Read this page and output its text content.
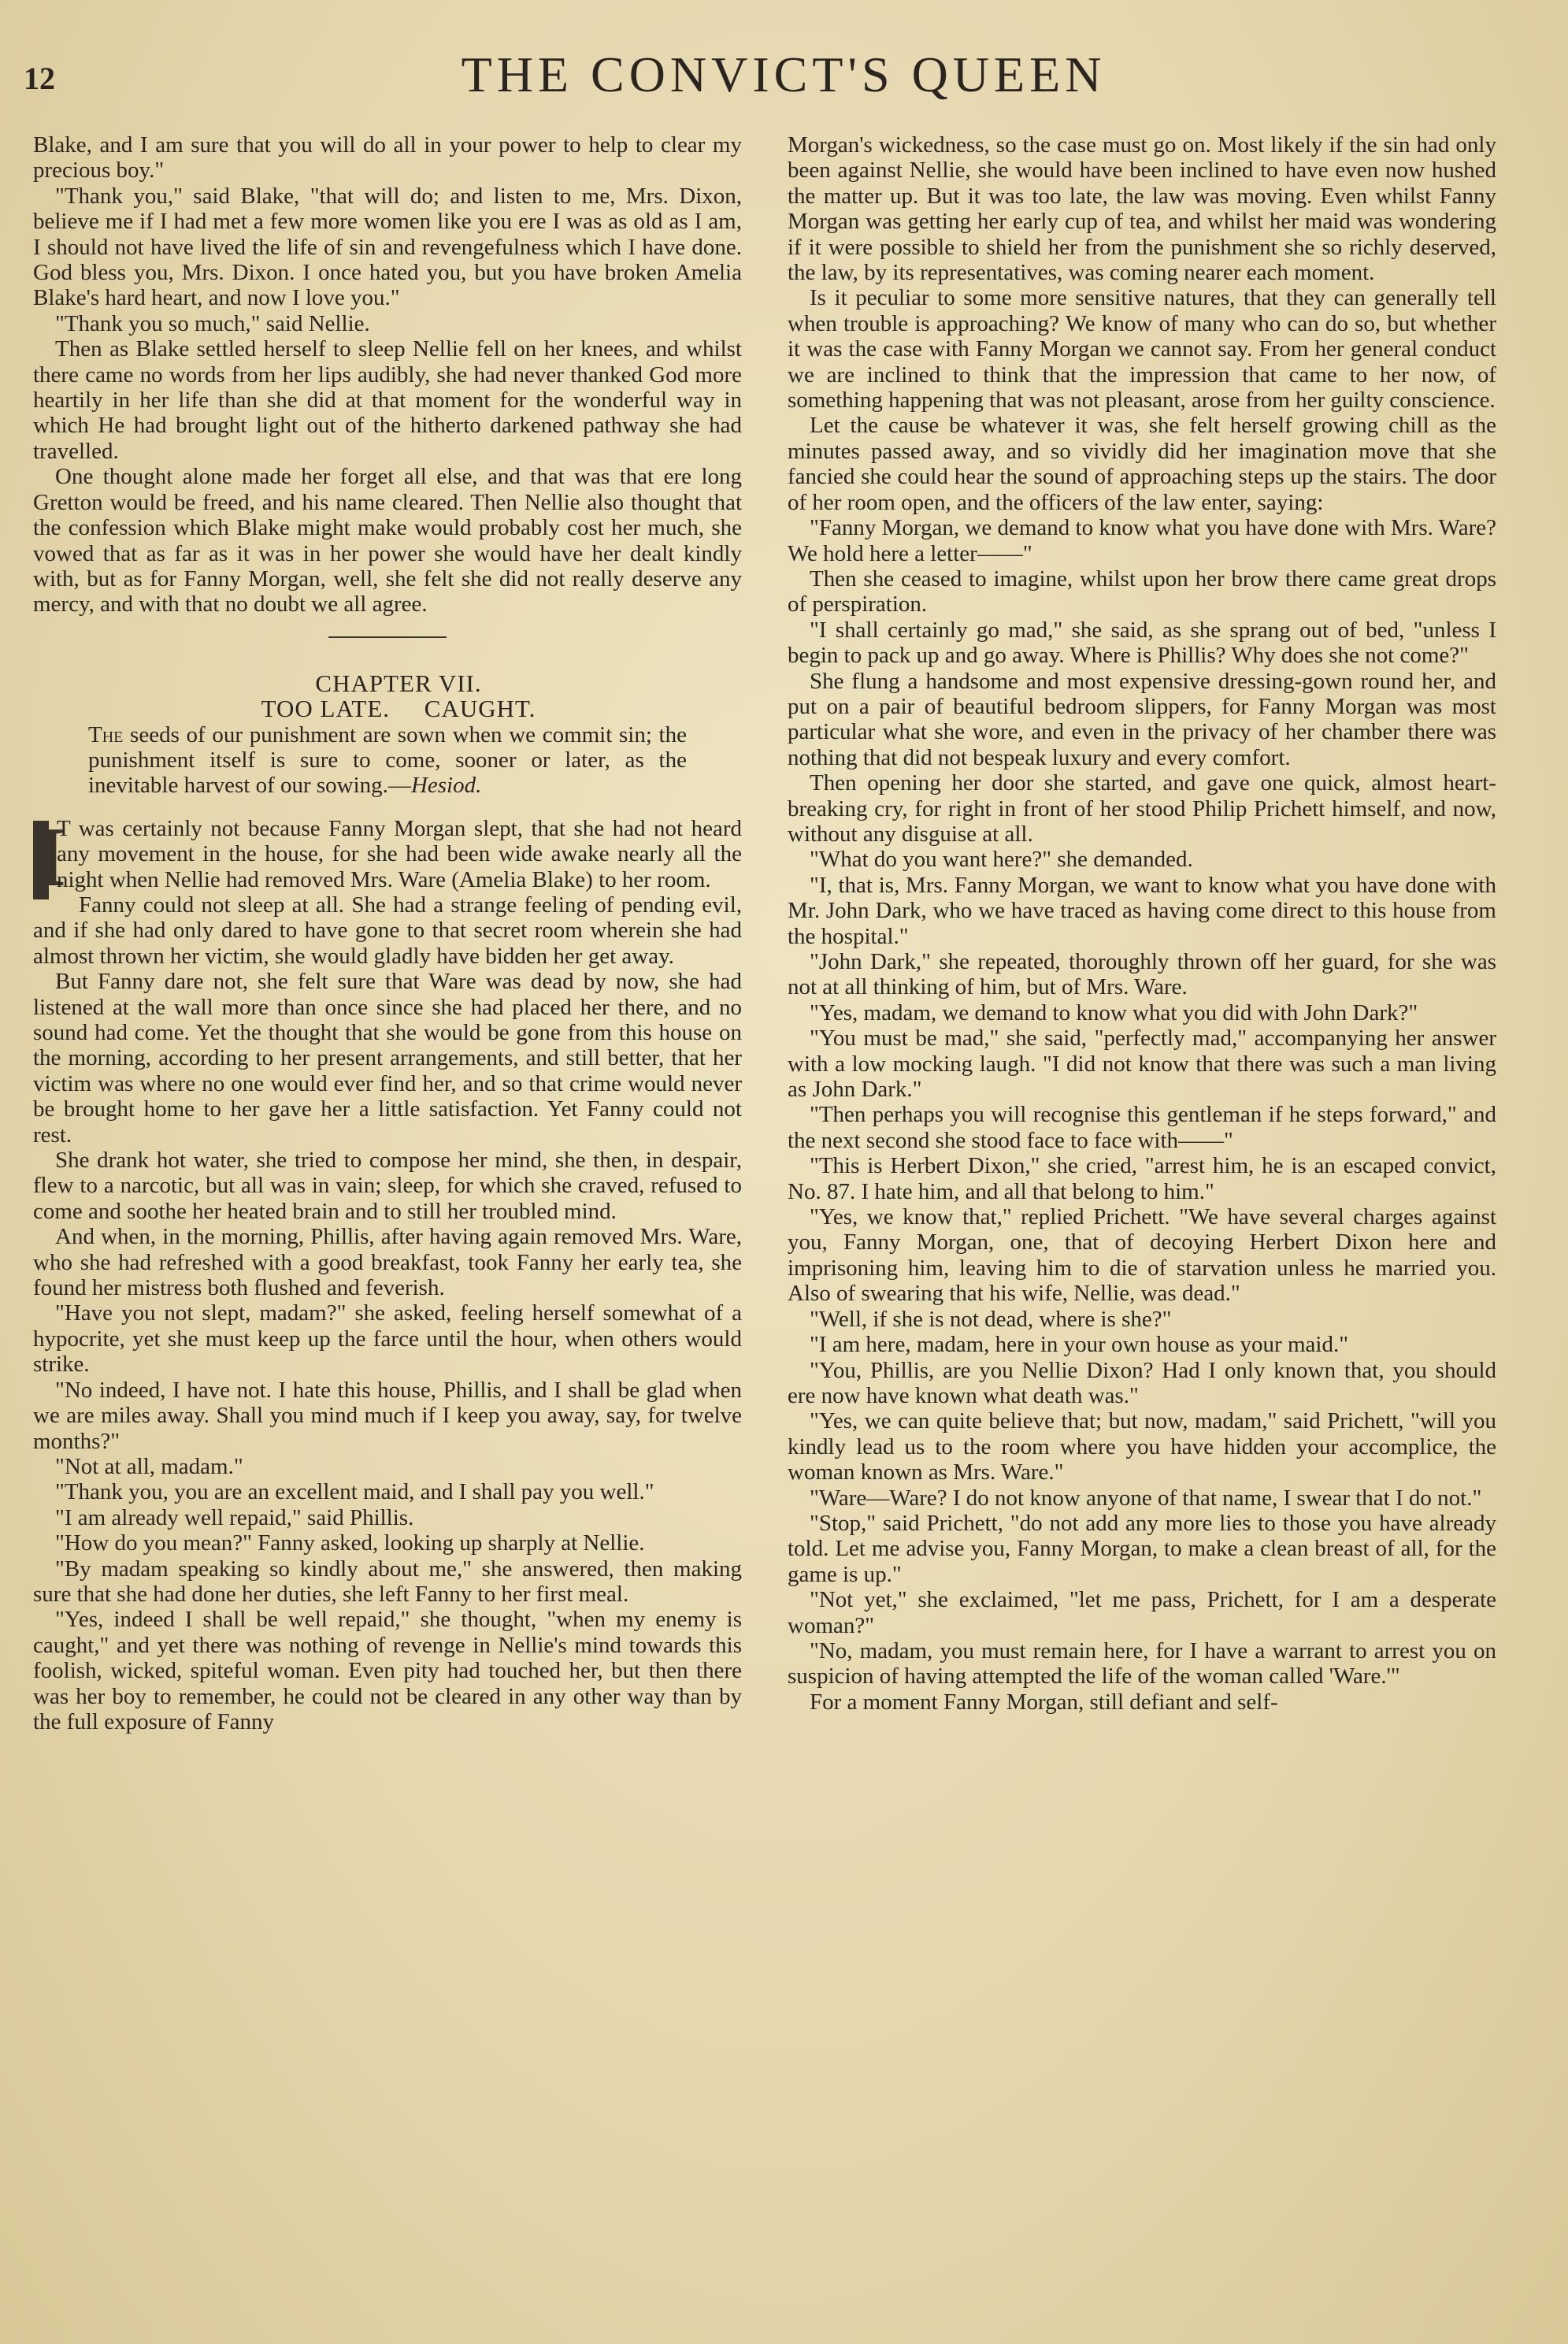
12	THE CONVICT'S QUEEN

Blake, and I am sure that you will do all in your power to help to clear my precious boy."

"Thank you," said Blake, "that will do; and listen to me, Mrs. Dixon, believe me if I had met a few more women like you ere I was as old as I am, I should not have lived the life of sin and revengefulness which I have done. God bless you, Mrs. Dixon. I once hated you, but you have broken Amelia Blake's hard heart, and now I love you."

"Thank you so much," said Nellie.

Then as Blake settled herself to sleep Nellie fell on her knees, and whilst there came no words from her lips audibly, she had never thanked God more heartily in her life than she did at that moment for the wonderful way in which He had brought light out of the hitherto darkened pathway she had travelled.

One thought alone made her forget all else, and that was that ere long Gretton would be freed, and his name cleared. Then Nellie also thought that the confession which Blake might make would probably cost her much, she vowed that as far as it was in her power she would have her dealt kindly with, but as for Fanny Morgan, well, she felt she did not really deserve any mercy, and with that no doubt we all agree.

CHAPTER VII.

TOO LATE.     CAUGHT.

The seeds of our punishment are sown when we commit sin; the punishment itself is sure to come, sooner or later, as the inevitable harvest of our sowing.—Hesiod.

I
T was certainly not because Fanny Morgan slept, that she had not heard any movement in the house, for she had been wide awake nearly all the night when Nellie had removed Mrs. Ware (Amelia Blake) to her room.

Fanny could not sleep at all. She had a strange feeling of pending evil, and if she had only dared to have gone to that secret room wherein she had almost thrown her victim, she would gladly have bidden her get away.

But Fanny dare not, she felt sure that Ware was dead by now, she had listened at the wall more than once since she had placed her there, and no sound had come. Yet the thought that she would be gone from this house on the morning, according to her present arrangements, and still better, that her victim was where no one would ever find her, and so that crime would never be brought home to her gave her a little satisfaction. Yet Fanny could not rest.

She drank hot water, she tried to compose her mind, she then, in despair, flew to a narcotic, but all was in vain; sleep, for which she craved, refused to come and soothe her heated brain and to still her troubled mind.

And when, in the morning, Phillis, after having again removed Mrs. Ware, who she had refreshed with a good breakfast, took Fanny her early tea, she found her mistress both flushed and feverish.

"Have you not slept, madam?" she asked, feeling herself somewhat of a hypocrite, yet she must keep up the farce until the hour, when others would strike.

"No indeed, I have not. I hate this house, Phillis, and I shall be glad when we are miles away. Shall you mind much if I keep you away, say, for twelve months?"

"Not at all, madam."

"Thank you, you are an excellent maid, and I shall pay you well."

"I am already well repaid," said Phillis.

"How do you mean?" Fanny asked, looking up sharply at Nellie.

"By madam speaking so kindly about me," she answered, then making sure that she had done her duties, she left Fanny to her first meal.

"Yes, indeed I shall be well repaid," she thought, "when my enemy is caught," and yet there was nothing of revenge in Nellie's mind towards this foolish, wicked, spiteful woman. Even pity had touched her, but then there was her boy to remember, he could not be cleared in any other way than by the full exposure of Fanny

Morgan's wickedness, so the case must go on. Most likely if the sin had only been against Nellie, she would have been inclined to have even now hushed the matter up. But it was too late, the law was moving. Even whilst Fanny Morgan was getting her early cup of tea, and whilst her maid was wondering if it were possible to shield her from the punishment she so richly deserved, the law, by its representatives, was coming nearer each moment.

Is it peculiar to some more sensitive natures, that they can generally tell when trouble is approaching? We know of many who can do so, but whether it was the case with Fanny Morgan we cannot say. From her general conduct we are inclined to think that the impression that came to her now, of something happening that was not pleasant, arose from her guilty conscience.

Let the cause be whatever it was, she felt herself growing chill as the minutes passed away, and so vividly did her imagination move that she fancied she could hear the sound of approaching steps up the stairs. The door of her room open, and the officers of the law enter, saying:

"Fanny Morgan, we demand to know what you have done with Mrs. Ware? We hold here a letter——"

Then she ceased to imagine, whilst upon her brow there came great drops of perspiration.

"I shall certainly go mad," she said, as she sprang out of bed, "unless I begin to pack up and go away. Where is Phillis? Why does she not come?"

She flung a handsome and most expensive dressing-gown round her, and put on a pair of beautiful bedroom slippers, for Fanny Morgan was most particular what she wore, and even in the privacy of her chamber there was nothing that did not bespeak luxury and every comfort.

Then opening her door she started, and gave one quick, almost heart-breaking cry, for right in front of her stood Philip Prichett himself, and now, without any disguise at all.

"What do you want here?" she demanded.

"I, that is, Mrs. Fanny Morgan, we want to know what you have done with Mr. John Dark, who we have traced as having come direct to this house from the hospital."

"John Dark," she repeated, thoroughly thrown off her guard, for she was not at all thinking of him, but of Mrs. Ware.

"Yes, madam, we demand to know what you did with John Dark?"

"You must be mad," she said, "perfectly mad," accompanying her answer with a low mocking laugh. "I did not know that there was such a man living as John Dark."

"Then perhaps you will recognise this gentleman if he steps forward," and the next second she stood face to face with——"

"This is Herbert Dixon," she cried, "arrest him, he is an escaped convict, No. 87. I hate him, and all that belong to him."

"Yes, we know that," replied Prichett. "We have several charges against you, Fanny Morgan, one, that of decoying Herbert Dixon here and imprisoning him, leaving him to die of starvation unless he married you. Also of swearing that his wife, Nellie, was dead."

"Well, if she is not dead, where is she?"

"I am here, madam, here in your own house as your maid."

"You, Phillis, are you Nellie Dixon? Had I only known that, you should ere now have known what death was."

"Yes, we can quite believe that; but now, madam," said Prichett, "will you kindly lead us to the room where you have hidden your accomplice, the woman known as Mrs. Ware."

"Ware—Ware? I do not know anyone of that name, I swear that I do not."

"Stop," said Prichett, "do not add any more lies to those you have already told. Let me advise you, Fanny Morgan, to make a clean breast of all, for the game is up."

"Not yet," she exclaimed, "let me pass, Prichett, for I am a desperate woman?"

"No, madam, you must remain here, for I have a warrant to arrest you on suspicion of having attempted the life of the woman called 'Ware.'"

For a moment Fanny Morgan, still defiant and self-
